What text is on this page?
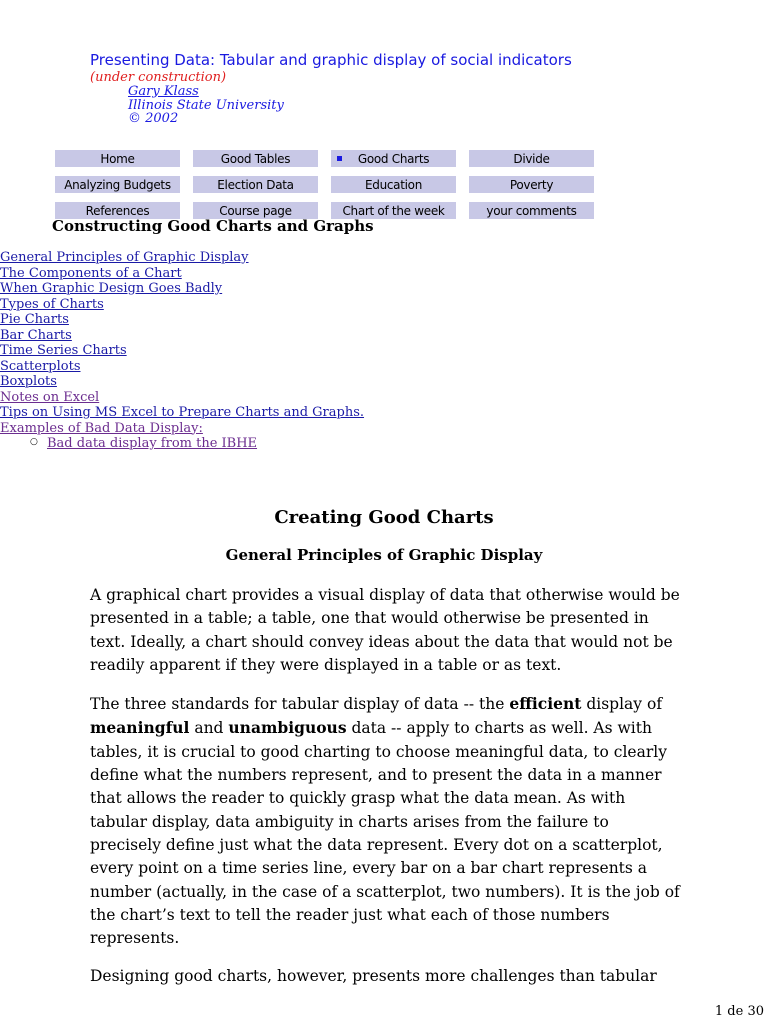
Presenting Data: Tabular and graphic display of social indicators
(under construction)
Gary Klass
Illinois State University
© 2002
Home	Good Tables	Good Charts	Divide
Analyzing Budgets	Election Data	Education	Poverty
References	Course page	Chart of the week	your comments
Constructing Good Charts and Graphs
● General Principles of Graphic Display
● The Components of a Chart
● When Graphic Design Goes Badly
● Types of Charts
○ Pie Charts
○ Bar Charts
○ Time Series Charts
○ Scatterplots
○ Boxplots
○ Notes on Excel
■ Tips on Using MS Excel to Prepare Charts and Graphs.
● Examples of Bad Data Display:
○ Bad data display from the IBHE
●
Creating Good Charts
General Principles of Graphic Display

A graphical chart provides a visual display of data that otherwise would be presented in a table; a table, one that would otherwise be presented in text. Ideally, a chart should convey ideas about the data that would not be readily apparent if they were displayed in a table or as text.

The three standards for tabular display of data -- the efficient display of meaningful and unambiguous data -- apply to charts as well. As with tables, it is crucial to good charting to choose meaningful data, to clearly define what the numbers represent, and to present the data in a manner that allows the reader to quickly grasp what the data mean. As with tabular display, data ambiguity in charts arises from the failure to precisely define just what the data represent. Every dot on a scatterplot, every point on a time series line, every bar on a bar chart represents a number (actually, in the case of a scatterplot, two numbers). It is the job of the chart’s text to tell the reader just what each of those numbers represents.

Designing good charts, however, presents more challenges than tabular

1 de 30
